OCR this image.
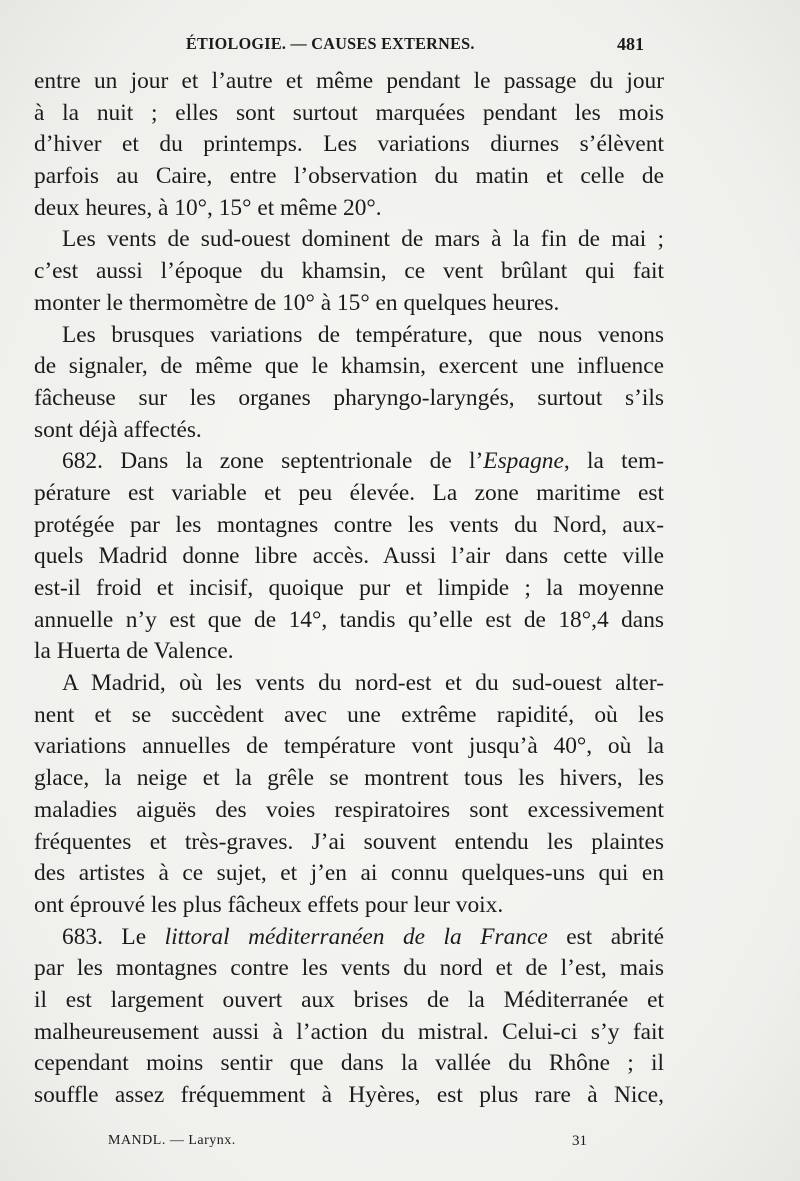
ÉTIOLOGIE. — CAUSES EXTERNES.	481
entre un jour et l’autre et même pendant le passage du jour
à la nuit ; elles sont surtout marquées pendant les mois
d’hiver et du printemps. Les variations diurnes s’élèvent
parfois au Caire, entre l’observation du matin et celle de
deux heures, à 10°, 15° et même 20°.
Les vents de sud-ouest dominent de mars à la fin de mai ;
c’est aussi l’époque du khamsin, ce vent brûlant qui fait
monter le thermomètre de 10° à 15° en quelques heures.
Les brusques variations de température, que nous venons
de signaler, de même que le khamsin, exercent une influence
fâcheuse sur les organes pharyngo-laryngés, surtout s’ils
sont déjà affectés.
682. Dans la zone septentrionale de l’Espagne, la tem-
pérature est variable et peu élevée. La zone maritime est
protégée par les montagnes contre les vents du Nord, aux-
quels Madrid donne libre accès. Aussi l’air dans cette ville
est-il froid et incisif, quoique pur et limpide ; la moyenne
annuelle n’y est que de 14°, tandis qu’elle est de 18°,4 dans
la Huerta de Valence.
A Madrid, où les vents du nord-est et du sud-ouest alter-
nent et se succèdent avec une extrême rapidité, où les
variations annuelles de température vont jusqu’à 40°, où la
glace, la neige et la grêle se montrent tous les hivers, les
maladies aiguës des voies respiratoires sont excessivement
fréquentes et très-graves. J’ai souvent entendu les plaintes
des artistes à ce sujet, et j’en ai connu quelques-uns qui en
ont éprouvé les plus fâcheux effets pour leur voix.
683. Le littoral méditerranéen de la France est abrité
par les montagnes contre les vents du nord et de l’est, mais
il est largement ouvert aux brises de la Méditerranée et
malheureusement aussi à l’action du mistral. Celui-ci s’y fait
cependant moins sentir que dans la vallée du Rhône ; il
souffle assez fréquemment à Hyères, est plus rare à Nice,
MANDL. — Larynx.	31
